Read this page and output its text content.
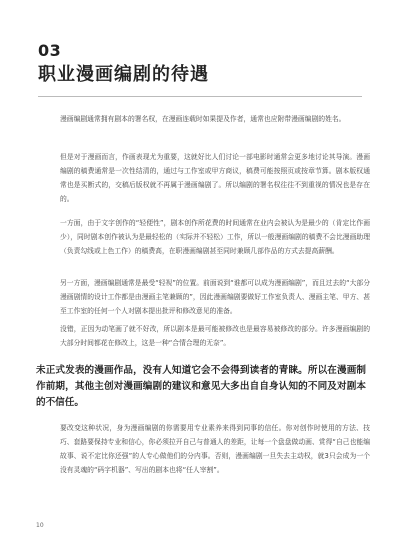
03
职业漫画编剧的待遇

漫画编剧通常拥有剧本的署名权，在漫画连载时如果提及作者，通常也应附带漫画编剧的姓名。

但是对于漫画而言，作画表现尤为重要，这就好比人们讨论一部电影时通常会更多地讨论其导演。漫画编剧的稿费通常是一次性结清的，通过与工作室或甲方商议，稿费可能按照页或按章节算。剧本版权通常也是买断式的，交稿后版权就不再属于漫画编剧了。所以编剧的署名权往往不到重视的情况也是存在的。

一方面，由于文字创作的“轻便性”，剧本创作所花费的时间通常在业内会被认为是最少的（肯定比作画少），同时剧本创作被认为是最轻松的（实际并不轻松）工作，所以一般漫画编剧的稿费不会比漫画助理（负责勾线或上色工作）的稿费高，在职漫画编剧甚至同时兼顾几部作品的方式去提高薪酬。

另一方面，漫画编剧通常是最受“轻视”的位置。前面说到“谁都可以成为漫画编剧”，而且过去的“大部分漫画剧情的设计工作都是由漫画主笔兼顾的”，因此漫画编剧要做好工作室负责人、漫画主笔、甲方、甚至工作室的任何一个人对剧本提出批评和修改意见的准备。

没错，正因为动笔画了就不好改，所以剧本是最可能被修改也是最容易被修改的部分。许多漫画编剧的大部分时间都花在修改上，这是一种“合情合理的无奈”。

未正式发表的漫画作品，没有人知道它会不会得到读者的青睐。所以在漫画制作前期，其他主创对漫画编剧的建议和意见大多出自自身认知的不同及对剧本的不信任。

要改变这种状况，身为漫画编剧的你需要用专业素养来得到同事的信任。你对创作时使用的方法、技巧、套路要保持专业和信心，你必须拉开自己与普通人的差距，让每一个盘盘做动画、赏得“自己也能编故事、说不定比你还强”的人专心做他们的分内事。否则，漫画编剧一旦失去主动权，就3只会成为一个没有灵魂的“码字机器”、写出的剧本也将“任人宰割”。

10
